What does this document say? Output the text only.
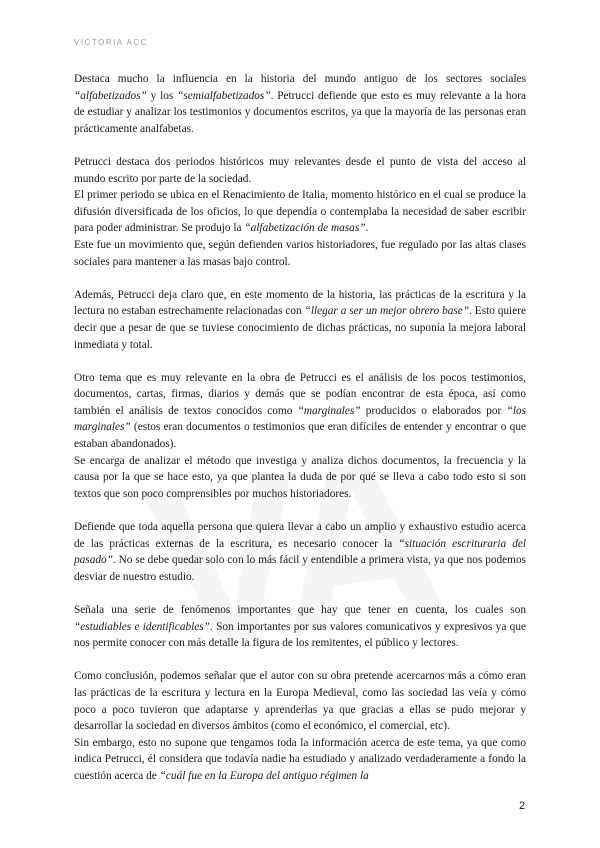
VICTORIA ACC

Destaca mucho la influencia en la historia del mundo antiguo de los sectores sociales “alfabetizados” y los “semialfabetizados”. Petrucci defiende que esto es muy relevante a la hora de estudiar y analizar los testimonios y documentos escritos, ya que la mayoría de las personas eran prácticamente analfabetas.

Petrucci destaca dos periodos históricos muy relevantes desde el punto de vista del acceso al mundo escrito por parte de la sociedad.

El primer periodo se ubica en el Renacimiento de Italia, momento histórico en el cual se produce la difusión diversificada de los oficios, lo que dependía o contemplaba la necesidad de saber escribir para poder administrar. Se produjo la “alfabetización de masas”.

Este fue un movimiento que, según defienden varios historiadores, fue regulado por las altas clases sociales para mantener a las masas bajo control.

Además, Petrucci deja claro que, en este momento de la historia, las prácticas de la escritura y la lectura no estaban estrechamente relacionadas con “llegar a ser un mejor obrero base”. Esto quiere decir que a pesar de que se tuviese conocimiento de dichas prácticas, no suponía la mejora laboral inmediata y total.

Otro tema que es muy relevante en la obra de Petrucci es el análisis de los pocos testimonios, documentos, cartas, firmas, diarios y demás que se podían encontrar de esta época, así como también el análisis de textos conocidos como “marginales” producidos o elaborados por “los marginales” (estos eran documentos o testimonios que eran difíciles de entender y encontrar o que estaban abandonados).

Se encarga de analizar el método que investiga y analiza dichos documentos, la frecuencia y la causa por la que se hace esto, ya que plantea la duda de por qué se lleva a cabo todo esto si son textos que son poco comprensibles por muchos historiadores.

Defiende que toda aquella persona que quiera llevar a cabo un amplio y exhaustivo estudio acerca de las prácticas externas de la escritura, es necesario conocer la “situación escrituraria del pasado”. No se debe quedar solo con lo más fácil y entendible a primera vista, ya que nos podemos desviar de nuestro estudio.

Señala una serie de fenómenos importantes que hay que tener en cuenta, los cuales son “estudiables e identificables”. Son importantes por sus valores comunicativos y expresivos ya que nos permite conocer con más detalle la figura de los remitentes, el público y lectores.

Como conclusión, podemos señalar que el autor con su obra pretende acercarnos más a cómo eran las prácticas de la escritura y lectura en la Europa Medieval, como las sociedad las veía y cómo poco a poco tuvieron que adaptarse y aprenderlas ya que gracias a ellas se pudo mejorar y desarrollar la sociedad en diversos ámbitos (como el económico, el comercial, etc).

Sin embargo, esto no supone que tengamos toda la información acerca de este tema, ya que como indica Petrucci, él considera que todavía nadie ha estudiado y analizado verdaderamente a fondo la cuestión acerca de “cuál fue en la Europa del antiguo régimen la

2
